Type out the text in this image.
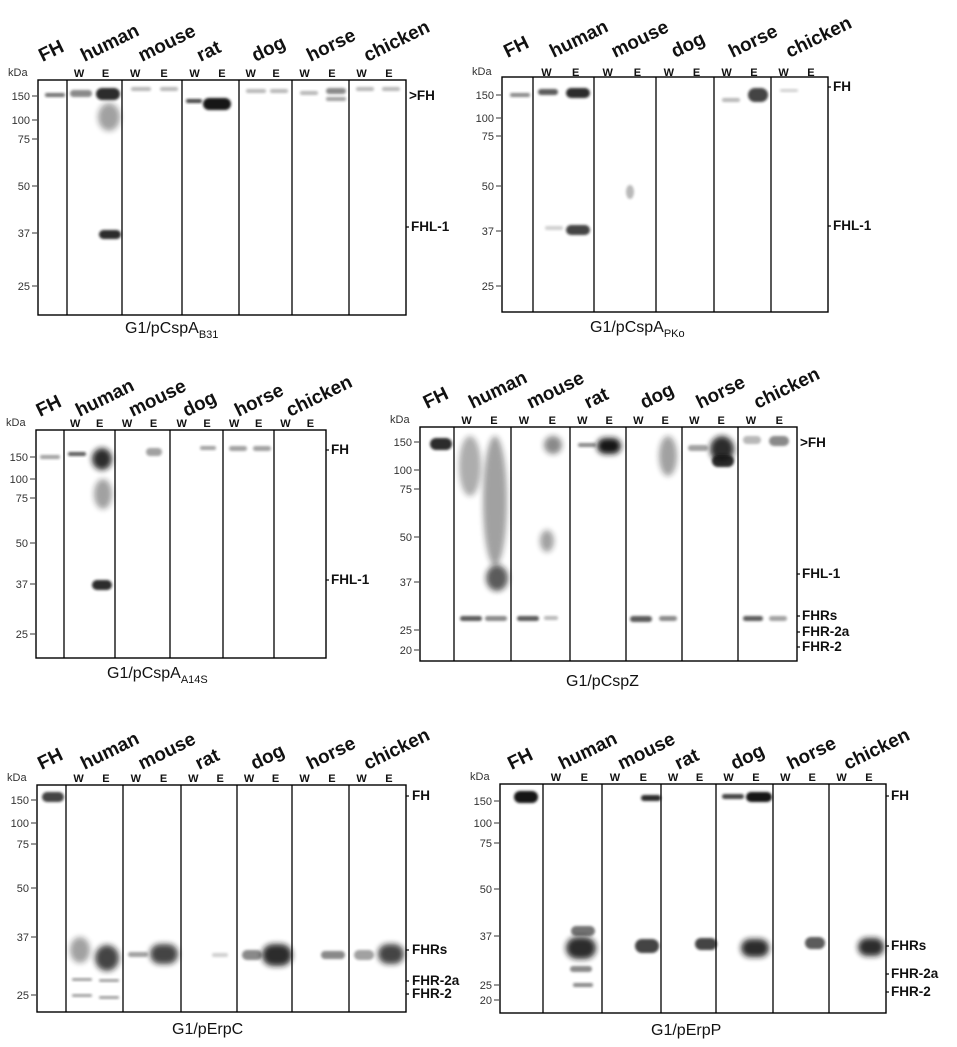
FH human
mouse
rat dog horse chicken
W E W E W E W E W E W E
kDa
150
100
75
50
37
25
>FH
FHL-1
G1/pCspA$_{B31}$
FH human
mouse
dog horse chicken
W E W E W E W E W E
kDa
150
100
75
50
37
25
FH
FHL-1
G1/pCspA$_{PKo}$
FH human
mouse
dog horse
chicken
W E W E W E W E W E
kDa
150
100
75
50
37
25
FH
FHL-1
G1/pCspA$_{A14S}$
FH human
mouse
rat dog horse chicken
W E W E W E W E W E W E
kDa
150
100
75
50
37
25
20
>FH
FHL-1
FHRs
FHR-2a
FHR-2
G1/pCspZ
FH human
mouse
rat dog horse chicken
W E W E W E W E W E W E
kDa
150
100
75
50
37
25
FH
FHRs
FHR-2a
FHR-2
G1/pErpC
FH human
mouse
rat dog horse chicken
W E W E W E W E W E W E
kDa
150
100
75
50
37
25
20
FH
FHRs
FHR-2a
FHR-2
G1/pErpP
